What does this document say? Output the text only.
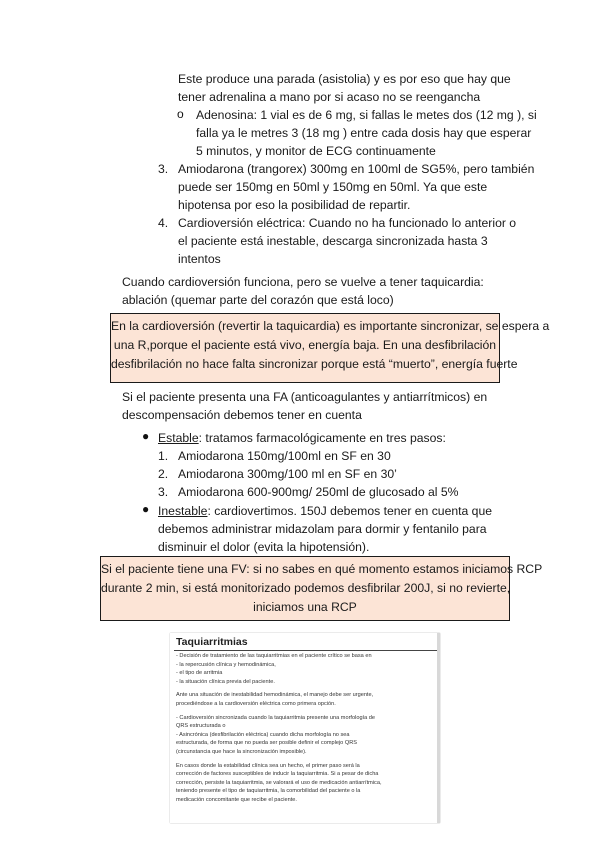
Este produce una parada (asistolia) y es por eso que hay que
tener adrenalina a mano por si acaso no se reenganchа
o Adenosina: 1 vial es de 6 mg, si fallas le metes dos (12 mg ), si
falla ya le metres 3 (18 mg ) entre cada dosis hay que esperar
5 minutos, y monitor de ECG continuamente
3. Amiodarona (trangorex) 300mg en 100ml de SG5%, pero también
puede ser 150mg en 50ml y 150mg en 50ml. Ya que este
hipotensa por eso la posibilidad de repartir.
4. Cardioversión eléctrica: Cuando no ha funcionado lo anterior o
el paciente está inestable, descarga sincronizada hasta 3
intentos
Cuando cardioversión funciona, pero se vuelve a tener taquicardia:
ablación (quemar parte del corazón que está loco)
En la cardioversión (revertir la taquicardia) es importante sincronizar, se espera a
una R,porque el paciente está vivo, energía baja. En una desfibrilación
desfibrilación no hace falta sincronizar porque está “muerto”, energía fuerte
Si el paciente presenta una FA (anticoagulantes y antiarrítmicos) en
descompensación debemos tener en cuenta
● Estable: tratamos farmacológicamente en tres pasos:
1. Amiodarona 150mg/100ml en SF en 30
2. Amiodarona 300mg/100 ml en SF en 30’
3. Amiodarona 600-900mg/ 250ml de glucosado al 5%
● Inestable: cardiovertimos. 150J debemos tener en cuenta que
debemos administrar midazolam para dormir y fentanilo para
disminuir el dolor (evita la hipotensión).
Si el paciente tiene una FV: si no sabes en qué momento estamos iniciamos RCP
durante 2 min, si está monitorizado podemos desfibrilar 200J, si no revierte,
iniciamos una RCP
Taquiarritmias
- Decisión de tratamiento de las taquiarritmias en el paciente crítico se basa en
- la repercusión clínica y hemodinámica,
- el tipo de arritmia
- la situación clínica previa del paciente.
Ante una situación de inestabilidad hemodinámica, el manejo debe ser urgente,
procediéndose a la cardioversión eléctrica como primera opción.
- Cardioversión sincronizada cuando la taquiarritmia presente una morfología de
QRS estructurada o
- Asincrónica (desfibrilación eléctrica) cuando dicha morfología no sea
estructurada, de forma que no pueda ser posible definir el complejo QRS
(circunstancia que hace la sincronización imposible).
En casos donde la estabilidad clínica sea un hecho, el primer paso será la
corrección de factores susceptibles de inducir la taquiarritmia. Si a pesar de dicha
corrección, persiste la taquiarritmia, se valorará el uso de medicación antiarrítmica,
teniendo presente el tipo de taquiarritmia, la comorbilidad del paciente o la
medicación concomitante que recibe el paciente.
